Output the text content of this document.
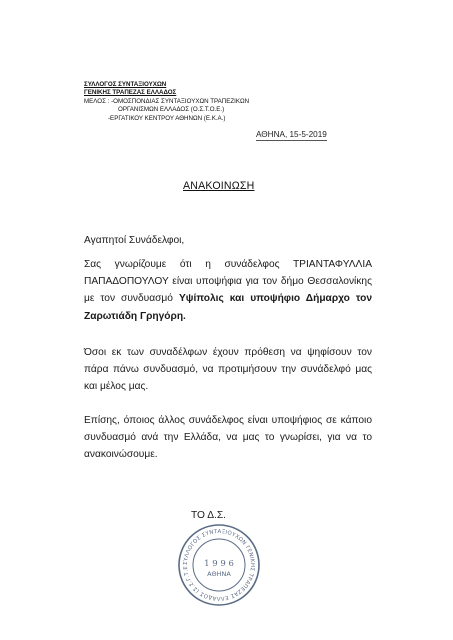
ΣΥΛΛΟΓΟΣ ΣΥΝΤΑΞΙΟΥΧΩΝ
ΓΕΝΙΚΗΣ ΤΡΑΠΕΖΑΣ ΕΛΛΑΔΟΣ
ΜΕΛΟΣ : -ΟΜΟΣΠΟΝΔΙΑΣ ΣΥΝΤΑΞΙΟΥΧΩΝ ΤΡΑΠΕΖΙΚΩΝ
ΟΡΓΑΝΙΣΜΩΝ ΕΛΛΑΔΟΣ (Ο.Σ.Τ.Ο.Ε.)
-ΕΡΓΑΤΙΚΟΥ ΚΕΝΤΡΟΥ ΑΘΗΝΩΝ (Ε.Κ.Α.)
ΑΘΗΝΑ, 15-5-2019
ΑΝΑΚΟΙΝΩΣΗ
Αγαπητοί Συνάδελφοι,
Σας γνωρίζουμε ότι η συνάδελφος ΤΡΙΑΝΤΑΦΥΛΛΙΑ ΠΑΠΑΔΟΠΟΥΛΟΥ είναι υποψήφια για τον δήμο Θεσσαλονίκης με τον συνδυασμό Υψίπολις και υποψήφιο Δήμαρχο τον Ζαρωτιάδη Γρηγόρη.
Όσοι εκ των συναδέλφων έχουν πρόθεση να ψηφίσουν τον πάρα πάνω συνδυασμό, να προτιμήσουν την συνάδελφό μας και μέλος μας.
Επίσης, όποιος άλλος συνάδελφος είναι υποψήφιος σε κάποιο συνδυασμό ανά την Ελλάδα, να μας το γνωρίσει, για να το ανακοινώσουμε.
ΤΟ Δ.Σ.
ΣΥΛΛΟΓΟΣ ΣΥΝΤΑΞΙΟΥΧΩΝ ΓΕΝΙΚΗΣ ΤΡΑΠΕΖΑΣ ΕΛΛΑΔΟΣ (Σ.Σ.Γ.Τ.Ε	1 9 9 6
ΑΘΗΝΑ
